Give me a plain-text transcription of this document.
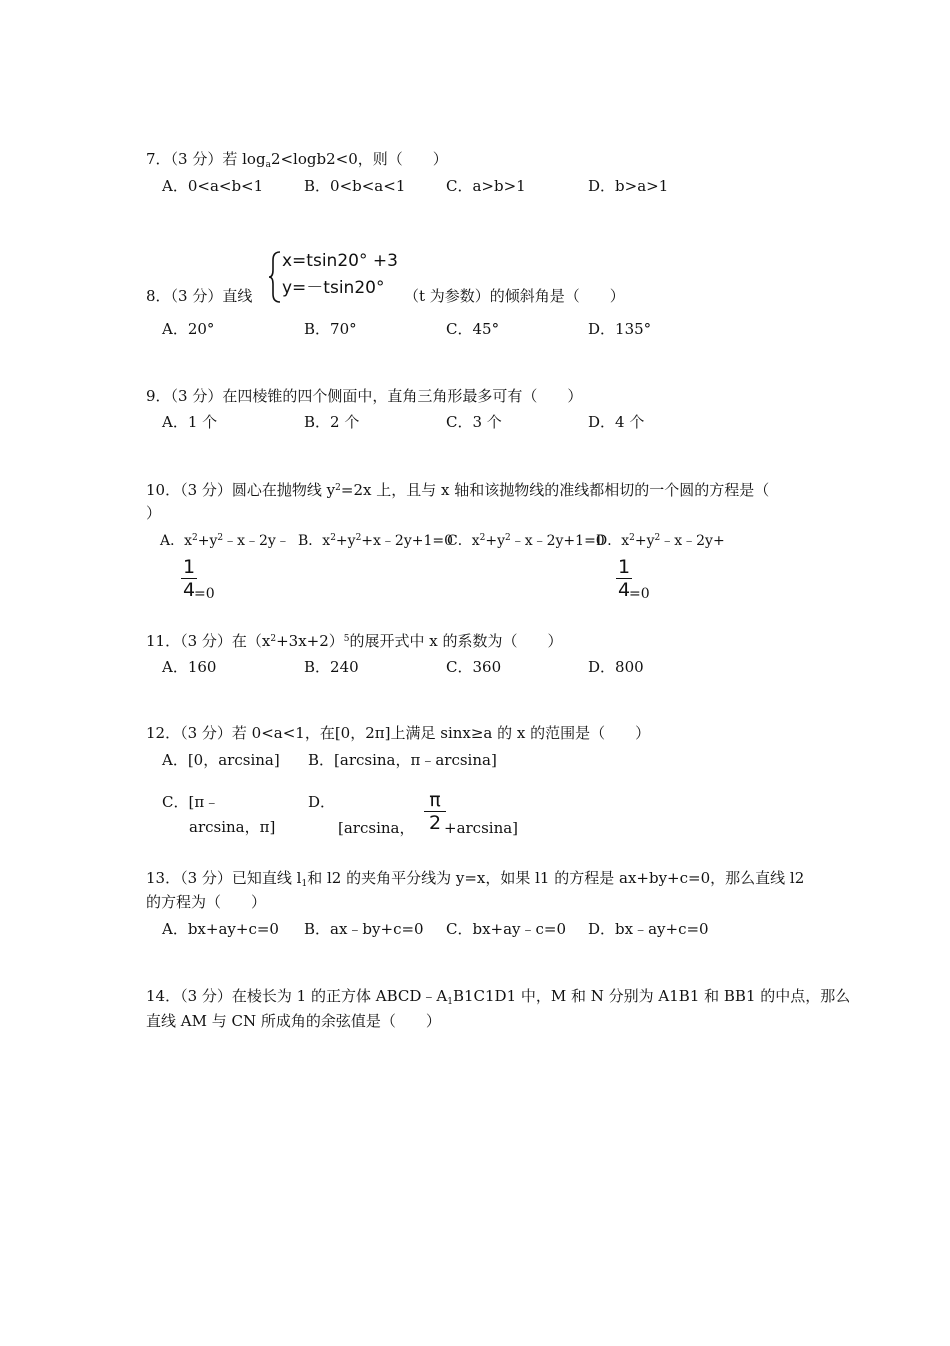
7．（3 分）若 $\log_a2<\log b2<0$，则（　　）
A．0<a<b<1	B．0<b<a<1	C．a>b>1	D．b>a>1
8．（3 分）直线
x=tsin20° +3
y=－tsin20° （t 为参数）的倾斜角是（　　）
A．20°	B．70°	C．45°	D．135°
9．（3 分）在四棱锥的四个侧面中，直角三角形最多可有（　　）
A．1 个	B．2 个	C．3 个	D．4 个
10．（3 分）圆心在抛物线 $y^2=2x$ 上，且与 x 轴和该抛物线的准线都相切的一个圆的方程是（
）
A．$x^2+y^2﹣x﹣2y﹣$ B．$x^2+y^2+x﹣2y+1=0$
C．$x^2+y^2﹣x﹣2y+1=0$
D．$x^2+y^2﹣x﹣2y+$
1
4
=0
1
4
=0
11．（3 分）在$(x^2+3x+2)^5$的展开式中 x 的系数为（　　）
A．160	B．240	C．360	D．800
12．（3 分）若 0<a<1，在[0，2π]上满足 sinx≥a 的 x 的范围是（　　）
A．[0，arcsina] B．[arcsina，π﹣arcsina]
C．[π﹣
arcsina，π]
D．
[arcsina，
π
2 +arcsina]
13．（3 分）已知直线 $l_1$和 l2 的夹角平分线为 y=x，如果 l1 的方程是 ax+by+c=0，那么直线 l2
的方程为（　　）
A．bx+ay+c=0 B．ax﹣by+c=0 C．bx+ay﹣c=0 D．bx﹣ay+c=0
14．（3 分）在棱长为 1 的正方体 $ABCD﹣A_1B1C1D1$ 中，M 和 N 分别为 A1B1 和 BB1 的中点，那么
直线 AM 与 CN 所成角的余弦值是（　　）
